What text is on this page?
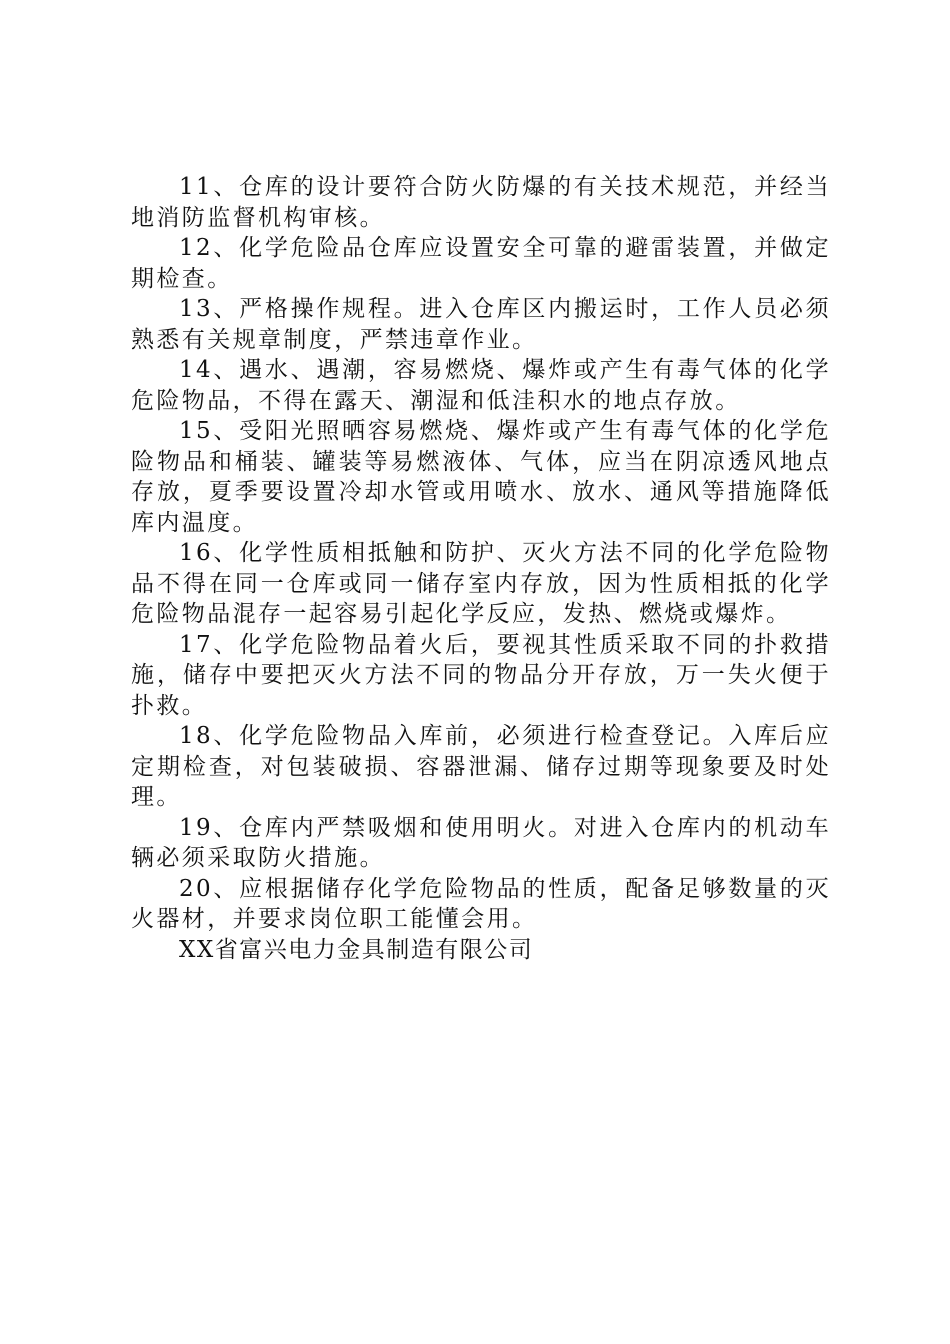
11、仓库的设计要符合防火防爆的有关技术规范，并经当地消防监督机构审核。

12、化学危险品仓库应设置安全可靠的避雷装置，并做定期检查。

13、严格操作规程。进入仓库区内搬运时，工作人员必须熟悉有关规章制度，严禁违章作业。

14、遇水、遇潮，容易燃烧、爆炸或产生有毒气体的化学危险物品，不得在露天、潮湿和低洼积水的地点存放。

15、受阳光照晒容易燃烧、爆炸或产生有毒气体的化学危险物品和桶装、罐装等易燃液体、气体，应当在阴凉透风地点存放，夏季要设置冷却水管或用喷水、放水、通风等措施降低库内温度。

16、化学性质相抵触和防护、灭火方法不同的化学危险物品不得在同一仓库或同一储存室内存放，因为性质相抵的化学危险物品混存一起容易引起化学反应，发热、燃烧或爆炸。

17、化学危险物品着火后，要视其性质采取不同的扑救措施，储存中要把灭火方法不同的物品分开存放，万一失火便于扑救。

18、化学危险物品入库前，必须进行检查登记。入库后应定期检查，对包装破损、容器泄漏、储存过期等现象要及时处理。

19、仓库内严禁吸烟和使用明火。对进入仓库内的机动车辆必须采取防火措施。

20、应根据储存化学危险物品的性质，配备足够数量的灭火器材，并要求岗位职工能懂会用。

XX省富兴电力金具制造有限公司
